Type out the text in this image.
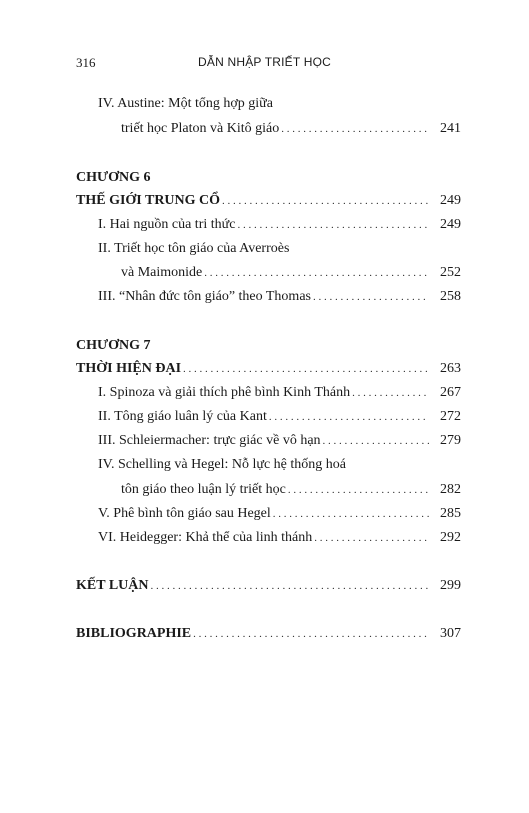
316	DẪN NHẬP TRIẾT HỌC
IV. Austine: Một tổng hợp giữa
triết học Platon và Kitô giáo . . .	241
CHƯƠNG 6
THẾ GIỚI TRUNG CỔ . . .	249
I. Hai nguồn của tri thức . . .	249
II. Triết học tôn giáo của Averroès
và Maimonide . . .	252
III. “Nhân đức tôn giáo” theo Thomas . . .	258
CHƯƠNG 7
THỜI HIỆN ĐẠI . . .	263
I. Spinoza và giải thích phê bình Kinh Thánh . . .	267
II. Tông giáo luân lý của Kant . . .	272
III. Schleiermacher: trực giác về vô hạn . . .	279
IV. Schelling và Hegel: Nỗ lực hệ thống hoá
tôn giáo theo luận lý triết học . . .	282
V. Phê bình tôn giáo sau Hegel . . .	285
VI. Heidegger: Khả thể của linh thánh . . .	292
KẾT LUẬN . . .	299
BIBLIOGRAPHIE . . .	307
